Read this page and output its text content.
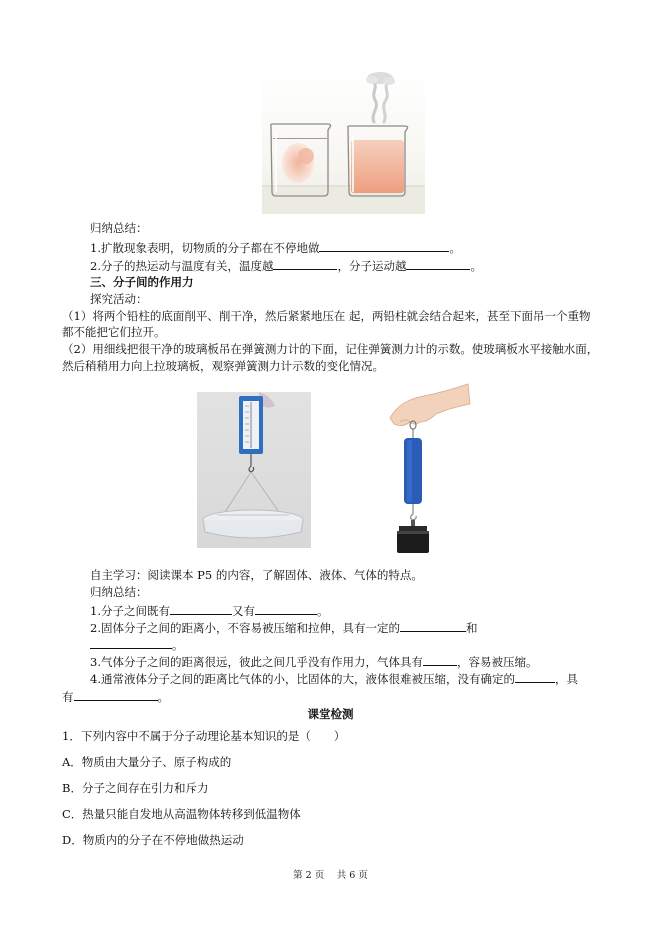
归纳总结：
1.扩散现象表明，切物质的分子都在不停地做	。
2.分子的热运动与温度有关，温度越	，分子运动越	。
三、分子间的作用力
探究活动：
（1）将两个铅柱的底面削平、削干净，然后紧紧地压在 起，两铅柱就会结合起来，甚至下面吊一个重物
都不能把它们拉开。
（2）用细线把很干净的玻璃板吊在弹簧测力计的下面，记住弹簧测力计的示数。使玻璃板水平接触水面，
然后稍稍用力向上拉玻璃板，观察弹簧测力计示数的变化情况。
自主学习：阅读课本 P5 的内容，了解固体、液体、气体的特点。
归纳总结：
1.分子之间既有	又有	。
2.固体分子之间的距离小，不容易被压缩和拉伸，具有一定的	和
。
3.气体分子之间的距离很远，彼此之间几乎没有作用力，气体具有	，容易被压缩。
4.通常液体分子之间的距离比气体的小，比固体的大，液体很难被压缩，没有确定的	，具
有	。
课堂检测
1．下列内容中不属于分子动理论基本知识的是（　　）
A．物质由大量分子、原子构成的
B．分子之间存在引力和斥力
C．热量只能自发地从高温物体转移到低温物体
D．物质内的分子在不停地做热运动
第 2 页　 共 6 页
